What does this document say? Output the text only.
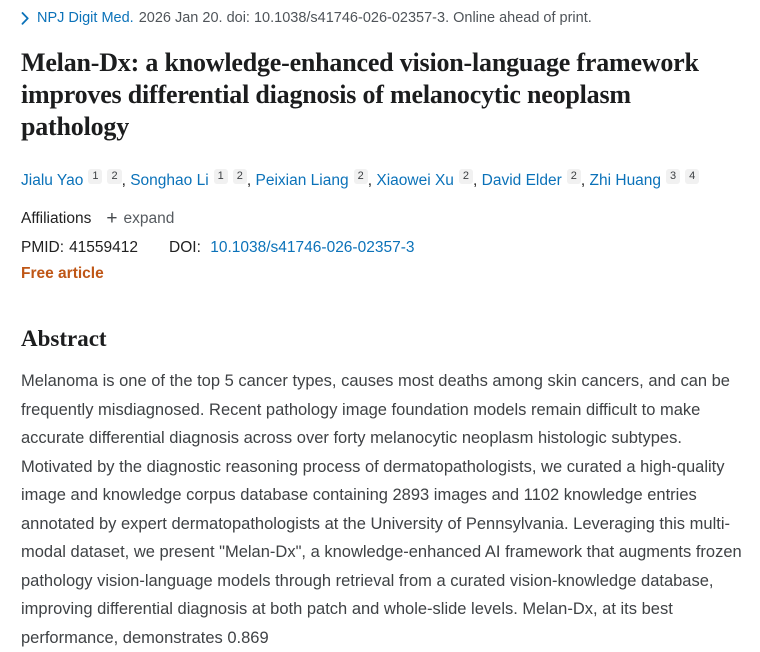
NPJ Digit Med. 2026 Jan 20. doi: 10.1038/s41746-026-02357-3. Online ahead of print.
Melan-Dx: a knowledge-enhanced vision-language framework improves differential diagnosis of melanocytic neoplasm pathology
Jialu Yao 1 2 , Songhao Li 1 2 , Peixian Liang 2 , Xiaowei Xu 2 , David Elder 2 , Zhi Huang 3 4
Affiliations + expand
PMID: 41559412 DOI: 10.1038/s41746-026-02357-3
Free article
Abstract

Melanoma is one of the top 5 cancer types, causes most deaths among skin cancers, and can be frequently misdiagnosed. Recent pathology image foundation models remain difficult to make accurate differential diagnosis across over forty melanocytic neoplasm histologic subtypes. Motivated by the diagnostic reasoning process of dermatopathologists, we curated a high-quality image and knowledge corpus database containing 2893 images and 1102 knowledge entries annotated by expert dermatopathologists at the University of Pennsylvania. Leveraging this multi-modal dataset, we present "Melan-Dx", a knowledge-enhanced AI framework that augments frozen pathology vision-language models through retrieval from a curated vision-knowledge database, improving differential diagnosis at both patch and whole-slide levels. Melan-Dx, at its best performance, demonstrates 0.869
